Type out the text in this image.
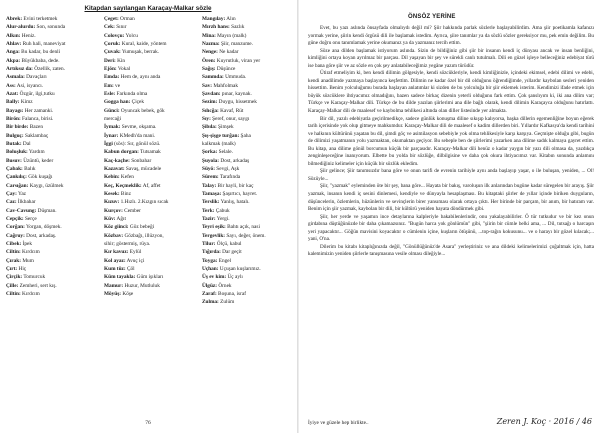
Kitapdan sayılangan Karaçay-Malkar sözle
Abrek: Evini terketmek
Alur-alurdu: Son, sonunda
Alkın: Heniz.
Ahlav: Ruh hali, maneviyat
Anga: Bu kadar, bu denli
Akpa: Büyükbaba, dede.
Artıksız da: Özellik, zaten.
Asmala: Davaçları
Ass: Asi, isyancı.
Azat: Özgür, ilgi,tutku
Bally: Kimz
Bayagı: Her zamanki.
Birön: Falanca, birisi.
Bir birde: Bazen
Bulguç: Saklambaç
Butak: Dal
Boluşluk: Yardım
Busuv: Üzüntü, keder
Çabak: Balık
Çankılıç: Gök kuşağı
Carsığan: Kaygı, üzülmek
Çay: Yaz
Caz: İlkbahar
Cav-Cavung: Düşman.
Cepçik: Serçe
Corğan: Yorgan, döşmek.
Cağruy: Dost, arkadaş.
Cibek: İpek
Ciltin: Kırdcım
Çırak: Mum
Çırt: Hiç
Çirçik: Tomurcuk
Çille: Zemheri, sert kış.
Ciltin: Kırdcım
Çeget: Orman
Cek: Sınır
Colovçu: Yolcu
Çoruk: Kural, kaide, yöntem
Çuvak: Yumuşak, berrak.
Deri: Kin
Ejön: Vokal
Emda: Hem de, aynı anda
Em: ve
Esle: Farkında olma
Gogga han: Çiçek
Günci: Oyuncak bebek, gök
mercaği
İymak: Sevme, okşama.
İynar: KMedh'da mani.
İggi (sös): Sır, gönül sözü.
Kabun dorgan: Tutsamak
Kaç-kaçhe: Sonbahar
Kazavat: Savaş, mücadele
Kebin: Kefen
Keç, Keçmeklik: Af, affet
Kesek: Binz
Kızuv: 1.Hızlı. 2.Kızgın sıcak
Kurçov: Cember
Küv: Ağıt
Köz giinci: Göz bebeği
Közbav: Gözbağı, illüzyon,
sihir; göstermiş, rüya.
Kır kavuz: Eylül
Kol ayaz: Avuç içi
Kum tüz: Çöl
Küm tayakla: Güm işıkları
Mamur: Huzur, Mutluluk
Möyüş: Köşe
Mangılay: Alın
Mırzh hans: Sazlık
Mina: Mayın (malk)
Nazma: Şiir, manzume.
Nenge: Ne kadar
Ören: Kuyrutluk, viran yer
Sağış: Düşünce
Sammda: Ummuda.
Sav: Mahfolmak
Şavdan: pınar, kaynak.
Sezim: Duygu, hissetmek
Sılıcğa: Kavaf, Rüt
Sıy: Şeref, onur, saygı
Şibıla: Şimşek
Şış-şişge turğan: Şaha
kalkmak (malk)
Şorka: Selale.
Şuyola: Dost, arkadaş
Süyö: Sevgi, Aşk
Sürem: Tarafında
Talay: Bir hayli, bir kaç
Tamaşa: Şaşırtıcı, hayret.
Terslik: Yanlış, hatalı.
Terk: Çabuk
Tazir: Yergi.
Teyri eşik: Bahtı açık, nasi
Tergevlik: Sayı, değer, önem.
Tilur: Ölçü, kabul
Tığırda: Dar geçit
Toyga: Engel
Uçhan: Uçuşan kuşlarımız.
Üş ev kim: Üç aylı
Ülgüz: Örnek
Zaraf: Boşuna, israf
Zulma: Zulüm
76
ÖNSÖZ YERİNE

Evet, bu yazı aslında önsayfada olmalıydı değil mi? Şiir hakkında parlak sözlerle başlayabilirdim. Ama şiir poetikamla kafanızı yormak yerine, şiirin kendi örgüsü dili ile başlamak istedim. Ayrıca, şiire tanımlar ya da sözlü sözler gereksiyor mu, pek emin değilim. Bu güne doğru onu tanımlamak yerine okumanız ya da yazmanız tercih ettim.

Söze ana dilden başlamak istiyorum aslında. Sizin de bildiğiniz gibi şiir bir insanın kendi iç dünyası ancak ve insan benliğini, kimliğini ortaya koyan ayrılmaz bir parçası. Dil yaşayan bir şey ve sürekli canlı tutulmalı. Dili en güzel işleye belleceğiniz edebiyat türü ise bana göre şiir ve az sözle en çok şey anlatabileceğimiz yegâne yazım türüdür.

Ütiraf etmeliyim ki, ben kendi dilimin gölgesiyle, kendi sözcükleriyle, kendi kimliğinizle, içindeki ekimsel, edebi dilimi ve edebi, kendi anadilimde yazmaya başlayınca keşfettim. Dilimin ne kadar özel bir dil olduğunu öğrendiğimde, yıllardır kaybolan sesleri yeniden hissettim. Benim yolculuğumu burada başlayan anlatımlar ki sizden de bu yolculuğa bir şiir eklemek isterim. Kendimizi ifade etmek için büyük sözcüklere ihtiyacımız olmadığını, bazen sadece birkaç dizenin yeterli olduğunu fark ettim. Çok şanslıyım ki, iki ana dilim var; Türkçe ve Karaçay-Malkar dili. Türkçe de bu dilde yazılan şiirlerimi ana dile bağlı olarak, kendi dilimin Karaçayca olduğunu hatırlattı. Karaçay-Malkar dili de maalesef ve kaybolma tehlikesi altında olan diller listesinde yer almakta.

Bir dil, yazılı edebiyatla geçirilmedikçe, sadece günlük konuşma diline sıkışıp kalıyorsa, başka dillerin egemenliğine boyun eğerek tarih içerisinde yok olup gitmeye mahkumdur. Karaçay-Malkar dili de maalesef o kadim dillerden biri. Yıllardır Kafkasya'da kendi tarihini ve halkının kültürünü yaşatan bu dil, şimdi göç ve asimilasyon sebebiyle yok olma tehlikesiyle karşı karşıya. Geçmişte olduğu gibi, bugün de dilimizi yaşatmanın yolu yazmaktan, okumaktan geçiyor. Bu sebeple ben de şiirlerimi yazarken ana dilime sadık kalmaya gayret ettim. Bu kitap, ana dilime gönül borcumun küçük bir parçasıdır. Karaçay-Malkar dili henüz o kadar yaygın bir yazı dili olmasa da, yazdıkça zenginleşeceğine inanıyorum. Elbette bu yolda bir sözlüğe, dilbilgisine ve daha çok okura ihtiyacımız var. Kitabın sonunda anlamını bilmediğiniz kelimeler için küçük bir sözlük ekledim.

Şiir gelince; Şiir tanımsızdır bana göre ve onun tarifi de evrenin tarihiyle aynı anda başlayıp yaşar, o ile buluşan, yeniden, ... Ol! Sözüyle...

Şiir, "yazmak" eyleminden öte bir şey, bana göre... Hayata bir bakış, varoluşun ilk anlarından bugüne kadar süregelen bir arayış. Şiir yazmak, insanın kendi iç sesini dinlemesi, kendiyle ve dünyayla hesaplaşması. Bu kitaptaki şiirler de yıllar içinde biriken duyguların, düşüncelerin, özlemlerin, hüzünlerin ve sevinçlerin birer yansıması olarak ortaya çıktı. Her birinde bir parçam, bir anım, bir hatıram var. Benim için şiir yazmak, kaybolan bir dili, bir kültürü yeniden hayata döndürmek gibi.

Şiir, her yerde ve yaşamın ince detaylarına kalpleriyle bakabilenlerindir, onu yakalayabilirler. Ö tür tutkudur ve bir kez onun girdabına düştüğünüzde bir daha çıkamazsınız. "Bugün harca yok gönlümün" gibi, "şiirin bir cümle belki ama, ... Dil, tutsağı o harcaşın yeri yapacaktır... Göğün mavisini koyacaktır o cümlenin içine, kuşların ötüşünü, ...top-rağın kokusunu... ve o harayı bir gözel kılacak;... yani, O'na.

Dilerim bu kitabı kitaplığınızda değil, "Gönüllüğünüz'de Asara" yerleştiriniz ve ana dildeki kelimelerimizi çoğaltmak için, hatta kalemimizin yeniden şiirlerle tanışmasına vesile olması dileğiyle...

İyiye ve güzele hep birlikte..	Zeren J. Koç · 2016 / 46
